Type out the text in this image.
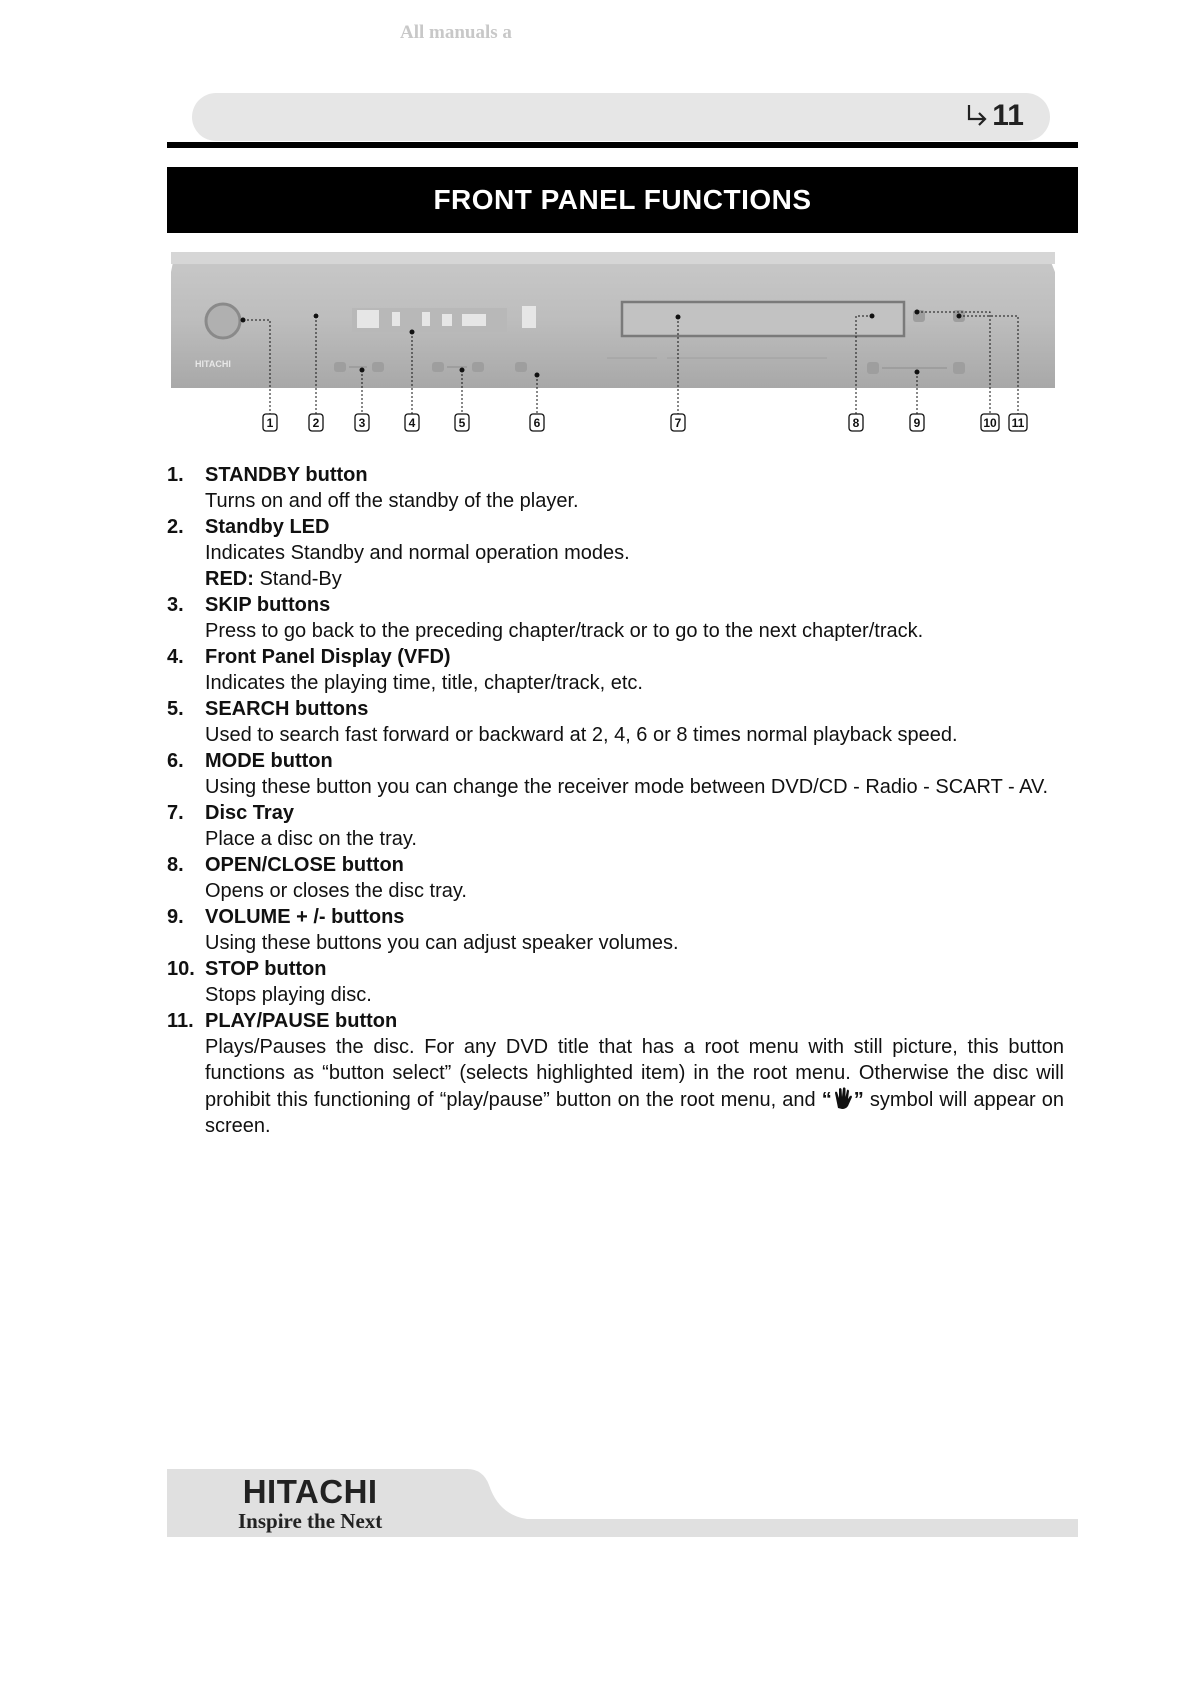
All manuals a
11
FRONT PANEL FUNCTIONS
HITACHI
1	2	3	4	5	6	7	8	9	10 11
1. STANDBY button
Turns on and off the standby of the player.
2. Standby LED
Indicates Standby and normal operation modes.
RED: Stand-By
3. SKIP buttons
Press to go back to the preceding chapter/track or to go to the next chapter/track.
4. Front Panel Display (VFD)
Indicates the playing time, title, chapter/track, etc.
5. SEARCH buttons
Used to search fast forward or backward at 2, 4, 6 or 8 times normal playback speed.
6. MODE button
Using these button you can change the receiver mode between DVD/CD - Radio - SCART - AV.
7. Disc Tray
Place a disc on the tray.
8. OPEN/CLOSE button
Opens or closes the disc tray.
9. VOLUME + /- buttons
Using these buttons you can adjust speaker volumes.
10. STOP button
Stops playing disc.
11. PLAY/PAUSE button
Plays/Pauses the disc. For any DVD title that has a root menu with still picture, this button functions as “button select” (selects highlighted item) in the root menu. Otherwise the disc will prohibit this functioning of “play/pause” button on the root menu, and “ ” symbol will appear on screen.
HITACHI
Inspire the Next
